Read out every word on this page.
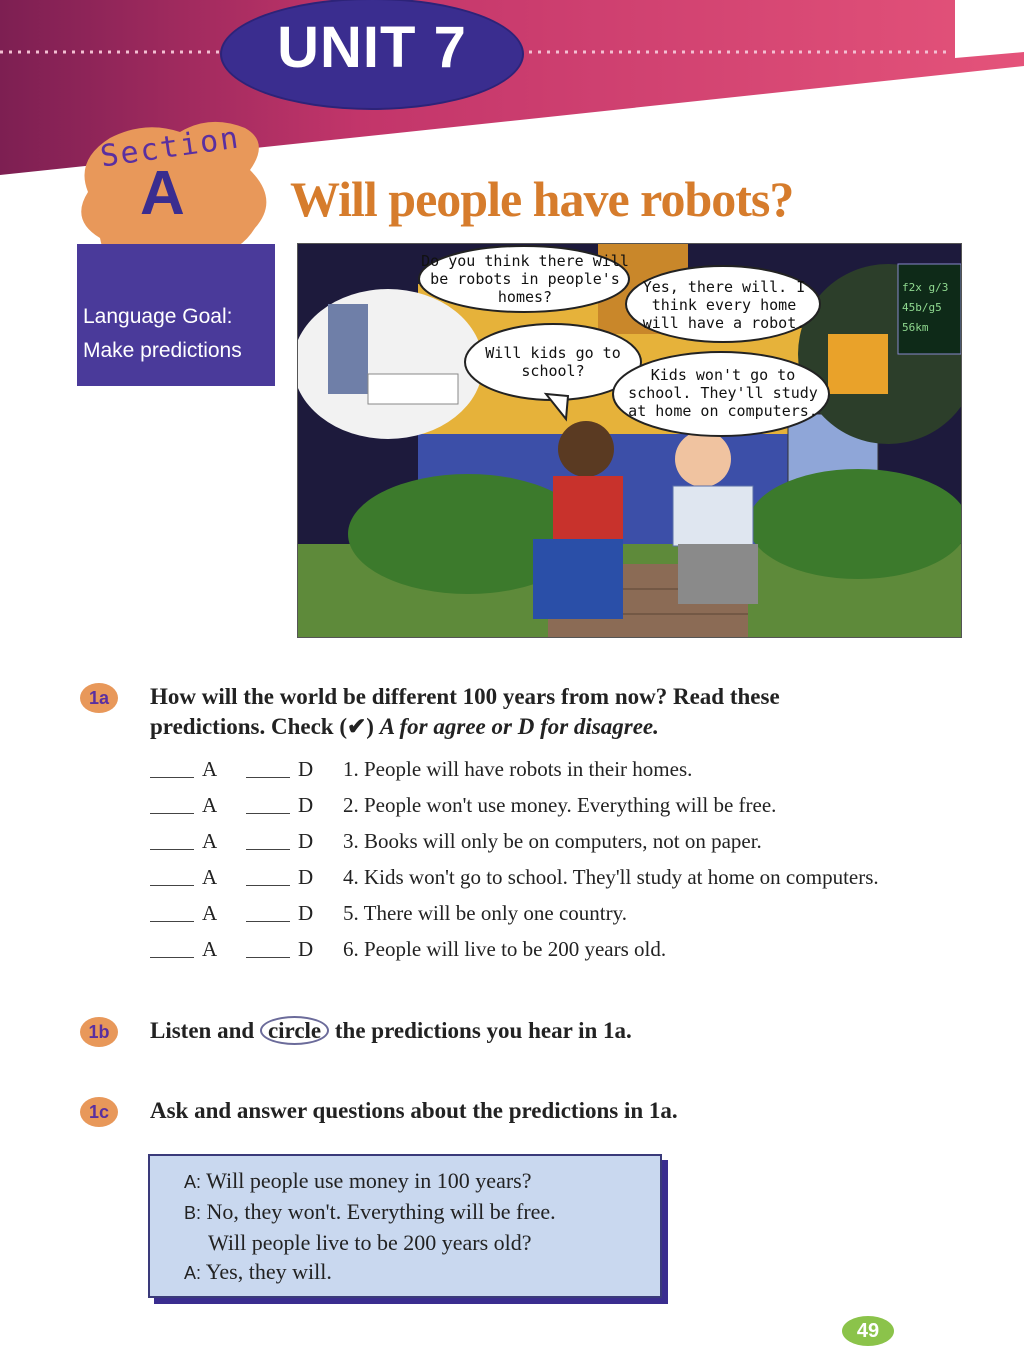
UNIT 7
Section
A Will people have robots?
Language Goal:
Make predictions
Do you think there will be robots in people's homes?
Yes, there will. I think every home will have a robot.
Will kids go to school?	Kids won't go to school. They'll study at home on computers.
f2x g/3
45b/g5
56km
1a	How will the world be different 100 years from now? Read these
predictions. Check (✔) A for agree or D for disagree.
A	D 1. People will have robots in their homes.
A	D 2. People won't use money. Everything will be free.
A	D 3. Books will only be on computers, not on paper.
A	D 4. Kids won't go to school. They'll study at home on computers.
A	D 5. There will be only one country.
A	D 6. People will live to be 200 years old.
1b	Listen and circle the predictions you hear in 1a.
1c	Ask and answer questions about the predictions in 1a.
A: Will people use money in 100 years?
B: No, they won't. Everything will be free.
Will people live to be 200 years old?
A: Yes, they will.
49
